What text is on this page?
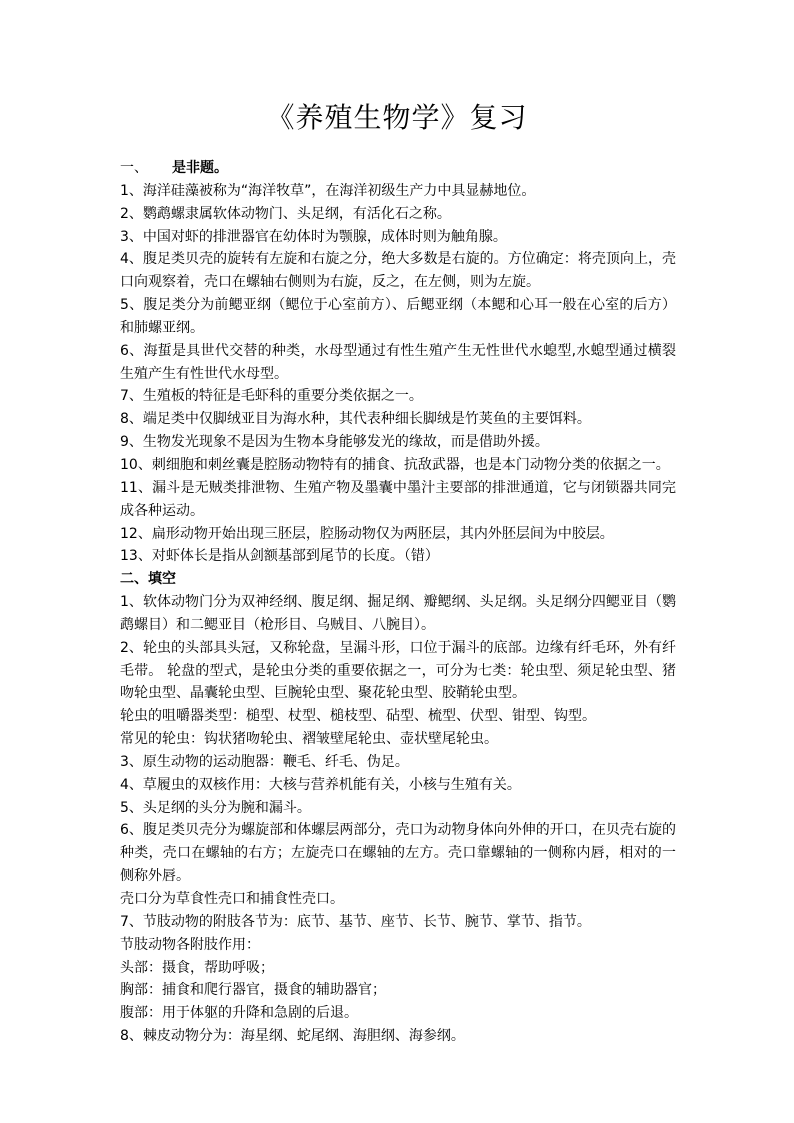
《养殖生物学》复习

一、 是非题。

1、海洋硅藻被称为“海洋牧草”，在海洋初级生产力中具显赫地位。

2、鹦鹉螺隶属软体动物门、头足纲，有活化石之称。

3、中国对虾的排泄器官在幼体时为颚腺，成体时则为触角腺。

4、腹足类贝壳的旋转有左旋和右旋之分，绝大多数是右旋的。方位确定：将壳顶向上，壳口向观察着，壳口在螺轴右侧则为右旋，反之，在左侧，则为左旋。

5、腹足类分为前鳃亚纲（鳃位于心室前方）、后鳃亚纲（本鳃和心耳一般在心室的后方）和肺螺亚纲。

6、海蜇是具世代交替的种类，水母型通过有性生殖产生无性世代水螅型,水螅型通过横裂生殖产生有性世代水母型。

7、生殖板的特征是毛虾科的重要分类依据之一。

8、端足类中仅脚绒亚目为海水种，其代表种细长脚绒是竹荚鱼的主要饵料。

9、生物发光现象不是因为生物本身能够发光的缘故，而是借助外援。

10、刺细胞和刺丝囊是腔肠动物特有的捕食、抗敌武器，也是本门动物分类的依据之一。

11、漏斗是无贼类排泄物、生殖产物及墨囊中墨汁主要部的排泄通道，它与闭锁器共同完成各种运动。

12、扁形动物开始出现三胚层，腔肠动物仅为两胚层，其内外胚层间为中胶层。

13、对虾体长是指从剑额基部到尾节的长度。（错）

二、填空

1、软体动物门分为双神经纲、腹足纲、掘足纲、瓣鳃纲、头足纲。头足纲分四鳃亚目（鹦鹉螺目）和二鳃亚目（枪形目、乌贼目、八腕目）。

2、轮虫的头部具头冠，又称轮盘，呈漏斗形，口位于漏斗的底部。边缘有纤毛环，外有纤毛带。 轮盘的型式，是轮虫分类的重要依据之一，可分为七类：轮虫型、须足轮虫型、猪吻轮虫型、晶囊轮虫型、巨腕轮虫型、聚花轮虫型、胶鞘轮虫型。

轮虫的咀嚼器类型：槌型、杖型、槌枝型、砧型、梳型、伏型、钳型、钩型。

常见的轮虫：钩状猪吻轮虫、褶皱壁尾轮虫、壶状壁尾轮虫。

3、原生动物的运动胞器：鞭毛、纤毛、伪足。

4、草履虫的双核作用：大核与营养机能有关，小核与生殖有关。

5、头足纲的头分为腕和漏斗。

6、腹足类贝壳分为螺旋部和体螺层两部分，壳口为动物身体向外伸的开口，在贝壳右旋的种类，壳口在螺轴的右方；左旋壳口在螺轴的左方。壳口靠螺轴的一侧称内唇，相对的一侧称外唇。

壳口分为草食性壳口和捕食性壳口。

7、节肢动物的附肢各节为：底节、基节、座节、长节、腕节、掌节、指节。

节肢动物各附肢作用：

头部：摄食，帮助呼吸；

胸部：捕食和爬行器官，摄食的辅助器官；

腹部：用于体躯的升降和急剧的后退。

8、棘皮动物分为：海星纲、蛇尾纲、海胆纲、海参纲。
